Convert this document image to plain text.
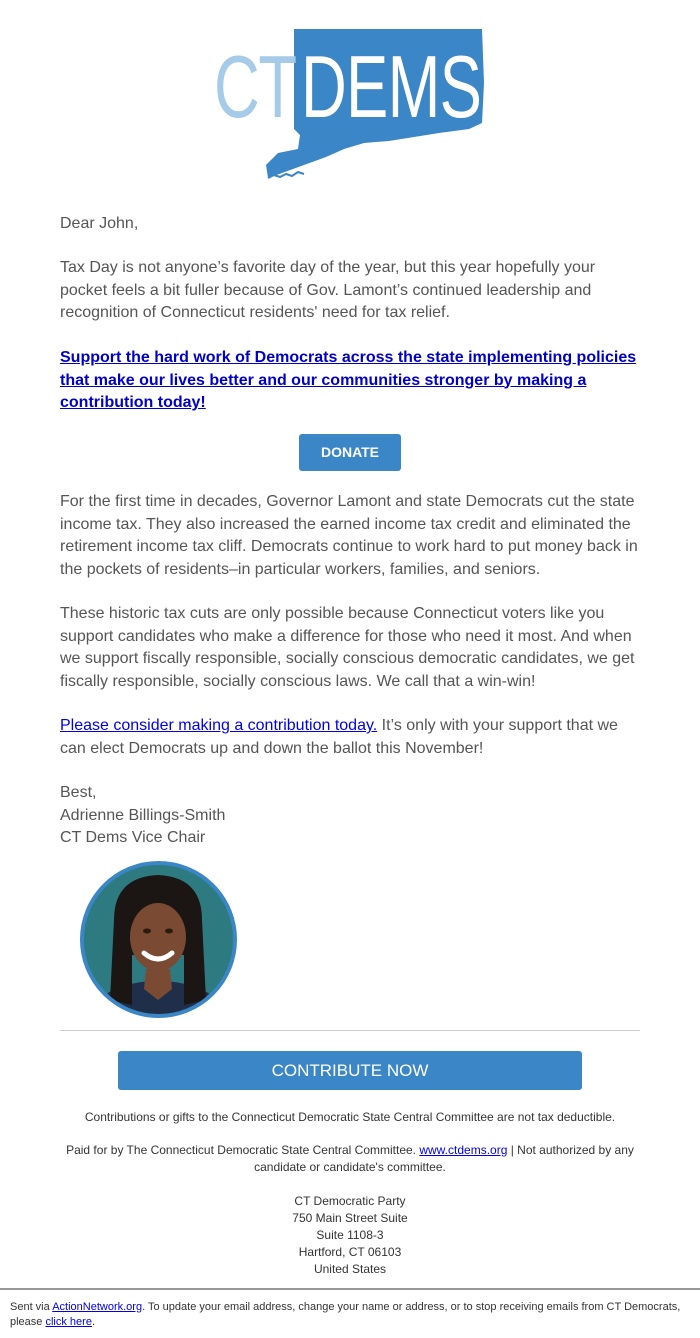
CT DEMS

Dear John,

Tax Day is not anyone’s favorite day of the year, but this year hopefully your pocket feels a bit fuller because of Gov. Lamont’s continued leadership and recognition of Connecticut residents' need for tax relief.

Support the hard work of Democrats across the state implementing policies that make our lives better and our communities stronger by making a contribution today!

DONATE

For the first time in decades, Governor Lamont and state Democrats cut the state income tax. They also increased the earned income tax credit and eliminated the retirement income tax cliff. Democrats continue to work hard to put money back in the pockets of residents–in particular workers, families, and seniors.

These historic tax cuts are only possible because Connecticut voters like you support candidates who make a difference for those who need it most. And when we support fiscally responsible, socially conscious democratic candidates, we get fiscally responsible, socially conscious laws. We call that a win-win!

Please consider making a contribution today. It’s only with your support that we can elect Democrats up and down the ballot this November!

Best,
Adrienne Billings-Smith
CT Dems Vice Chair
CONTRIBUTE NOW

Contributions or gifts to the Connecticut Democratic State Central Committee are not tax deductible.

Paid for by The Connecticut Democratic State Central Committee. www.ctdems.org | Not authorized by any candidate or candidate's committee.

CT Democratic Party
750 Main Street Suite
Suite 1108-3
Hartford, CT 06103
United States

Sent via ActionNetwork.org. To update your email address, change your name or address, or to stop receiving emails from CT Democrats, please click here.
